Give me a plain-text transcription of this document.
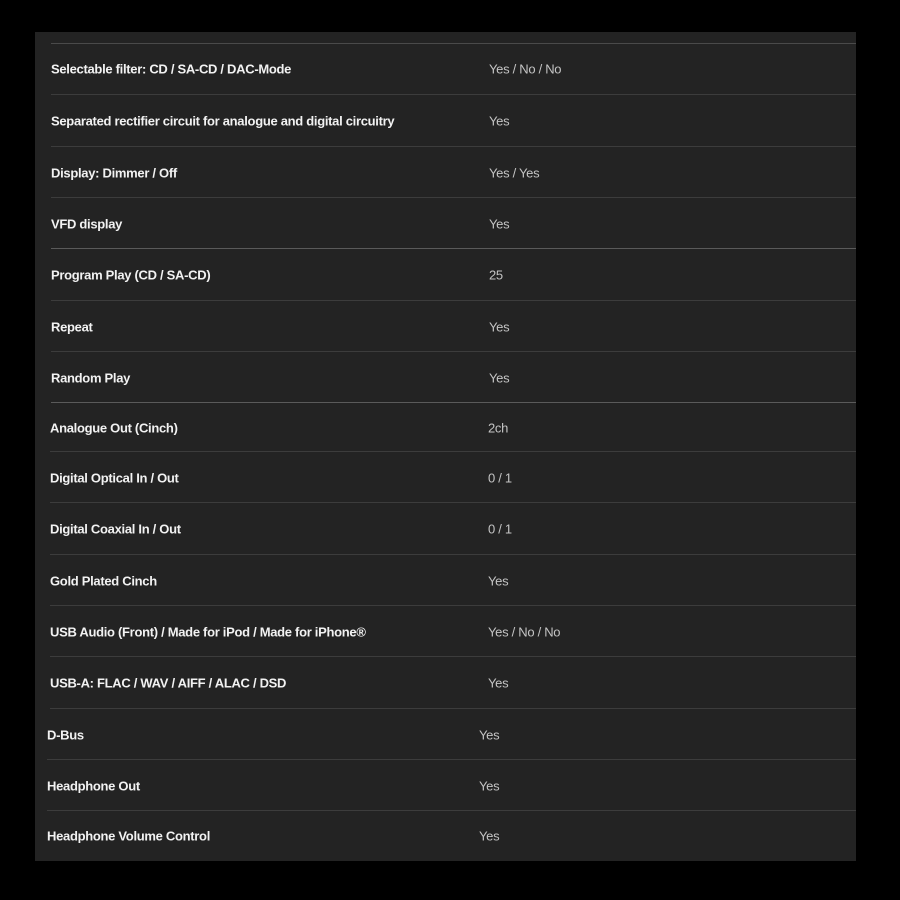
Selectable filter: CD / SA-CD / DAC-Mode	Yes / No / No
Separated rectifier circuit for analogue and digital circuitry	Yes
Display: Dimmer / Off	Yes / Yes
VFD display	Yes
Program Play (CD / SA-CD)	25
Repeat	Yes
Random Play	Yes
Analogue Out (Cinch)	2ch
Digital Optical In / Out	0 / 1
Digital Coaxial In / Out	0 / 1
Gold Plated Cinch	Yes
USB Audio (Front) / Made for iPod / Made for iPhone®	Yes / No / No
USB-A: FLAC / WAV / AIFF / ALAC / DSD	Yes
D-Bus	Yes
Headphone Out	Yes
Headphone Volume Control	Yes
